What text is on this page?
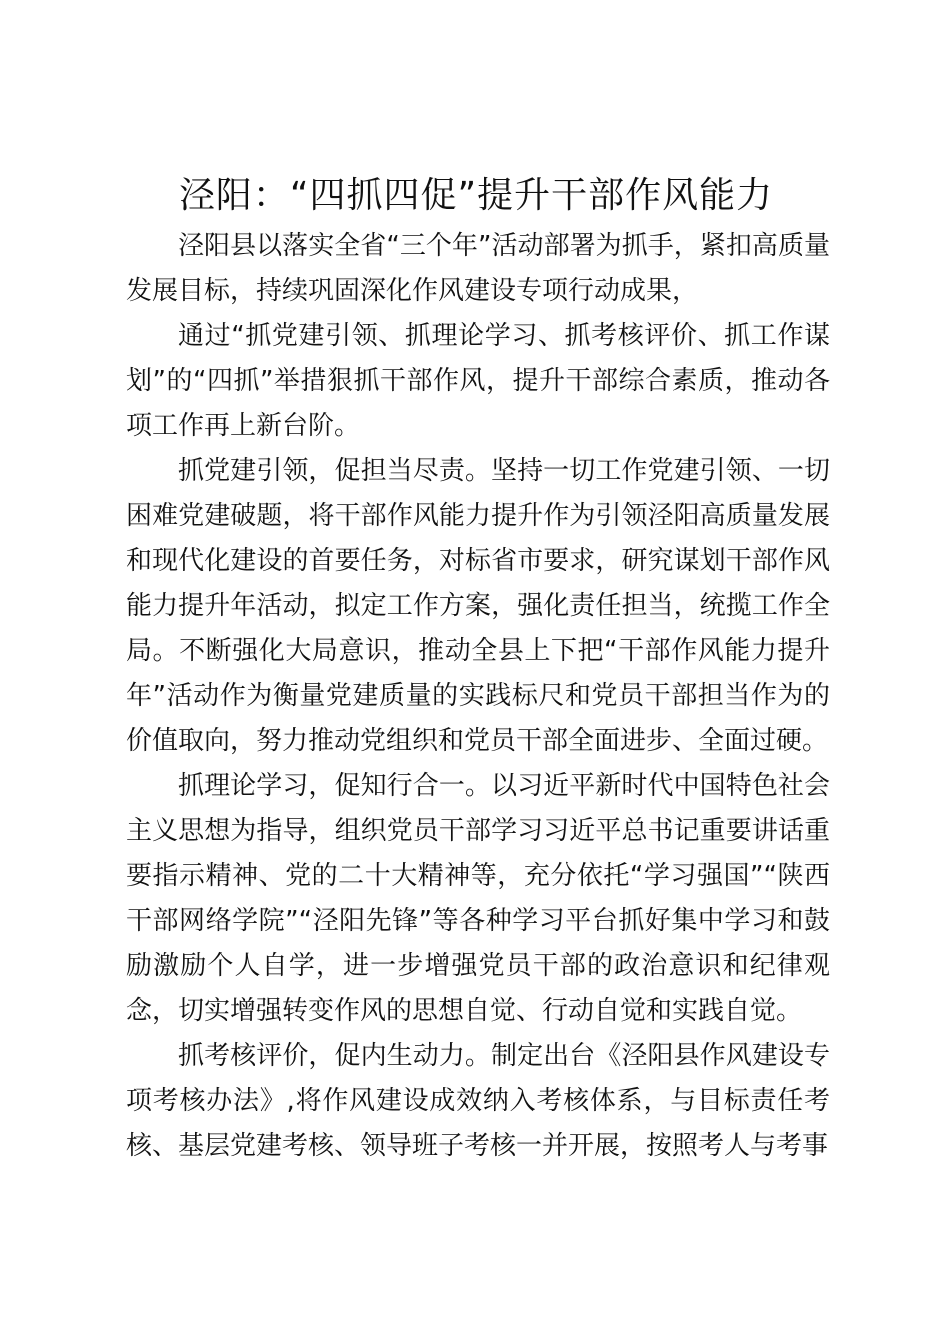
泾阳：“四抓四促”提升干部作风能力

泾阳县以落实全省“三个年”活动部署为抓手，紧扣高质量发展目标，持续巩固深化作风建设专项行动成果，

通过“抓党建引领、抓理论学习、抓考核评价、抓工作谋划”的“四抓”举措狠抓干部作风，提升干部综合素质，推动各项工作再上新台阶。

抓党建引领，促担当尽责。坚持一切工作党建引领、一切困难党建破题，将干部作风能力提升作为引领泾阳高质量发展和现代化建设的首要任务，对标省市要求，研究谋划干部作风能力提升年活动，拟定工作方案，强化责任担当，统揽工作全局。不断强化大局意识，推动全县上下把“干部作风能力提升年”活动作为衡量党建质量的实践标尺和党员干部担当作为的价值取向，努力推动党组织和党员干部全面进步、全面过硬。

抓理论学习，促知行合一。以习近平新时代中国特色社会主义思想为指导，组织党员干部学习习近平总书记重要讲话重要指示精神、党的二十大精神等，充分依托“学习强国”“陕西干部网络学院”“泾阳先锋”等各种学习平台抓好集中学习和鼓励激励个人自学，进一步增强党员干部的政治意识和纪律观念，切实增强转变作风的思想自觉、行动自觉和实践自觉。

抓考核评价，促内生动力。制定出台《泾阳县作风建设专项考核办法》,将作风建设成效纳入考核体系，与目标责任考核、基层党建考核、领导班子考核一并开展，按照考人与考事
